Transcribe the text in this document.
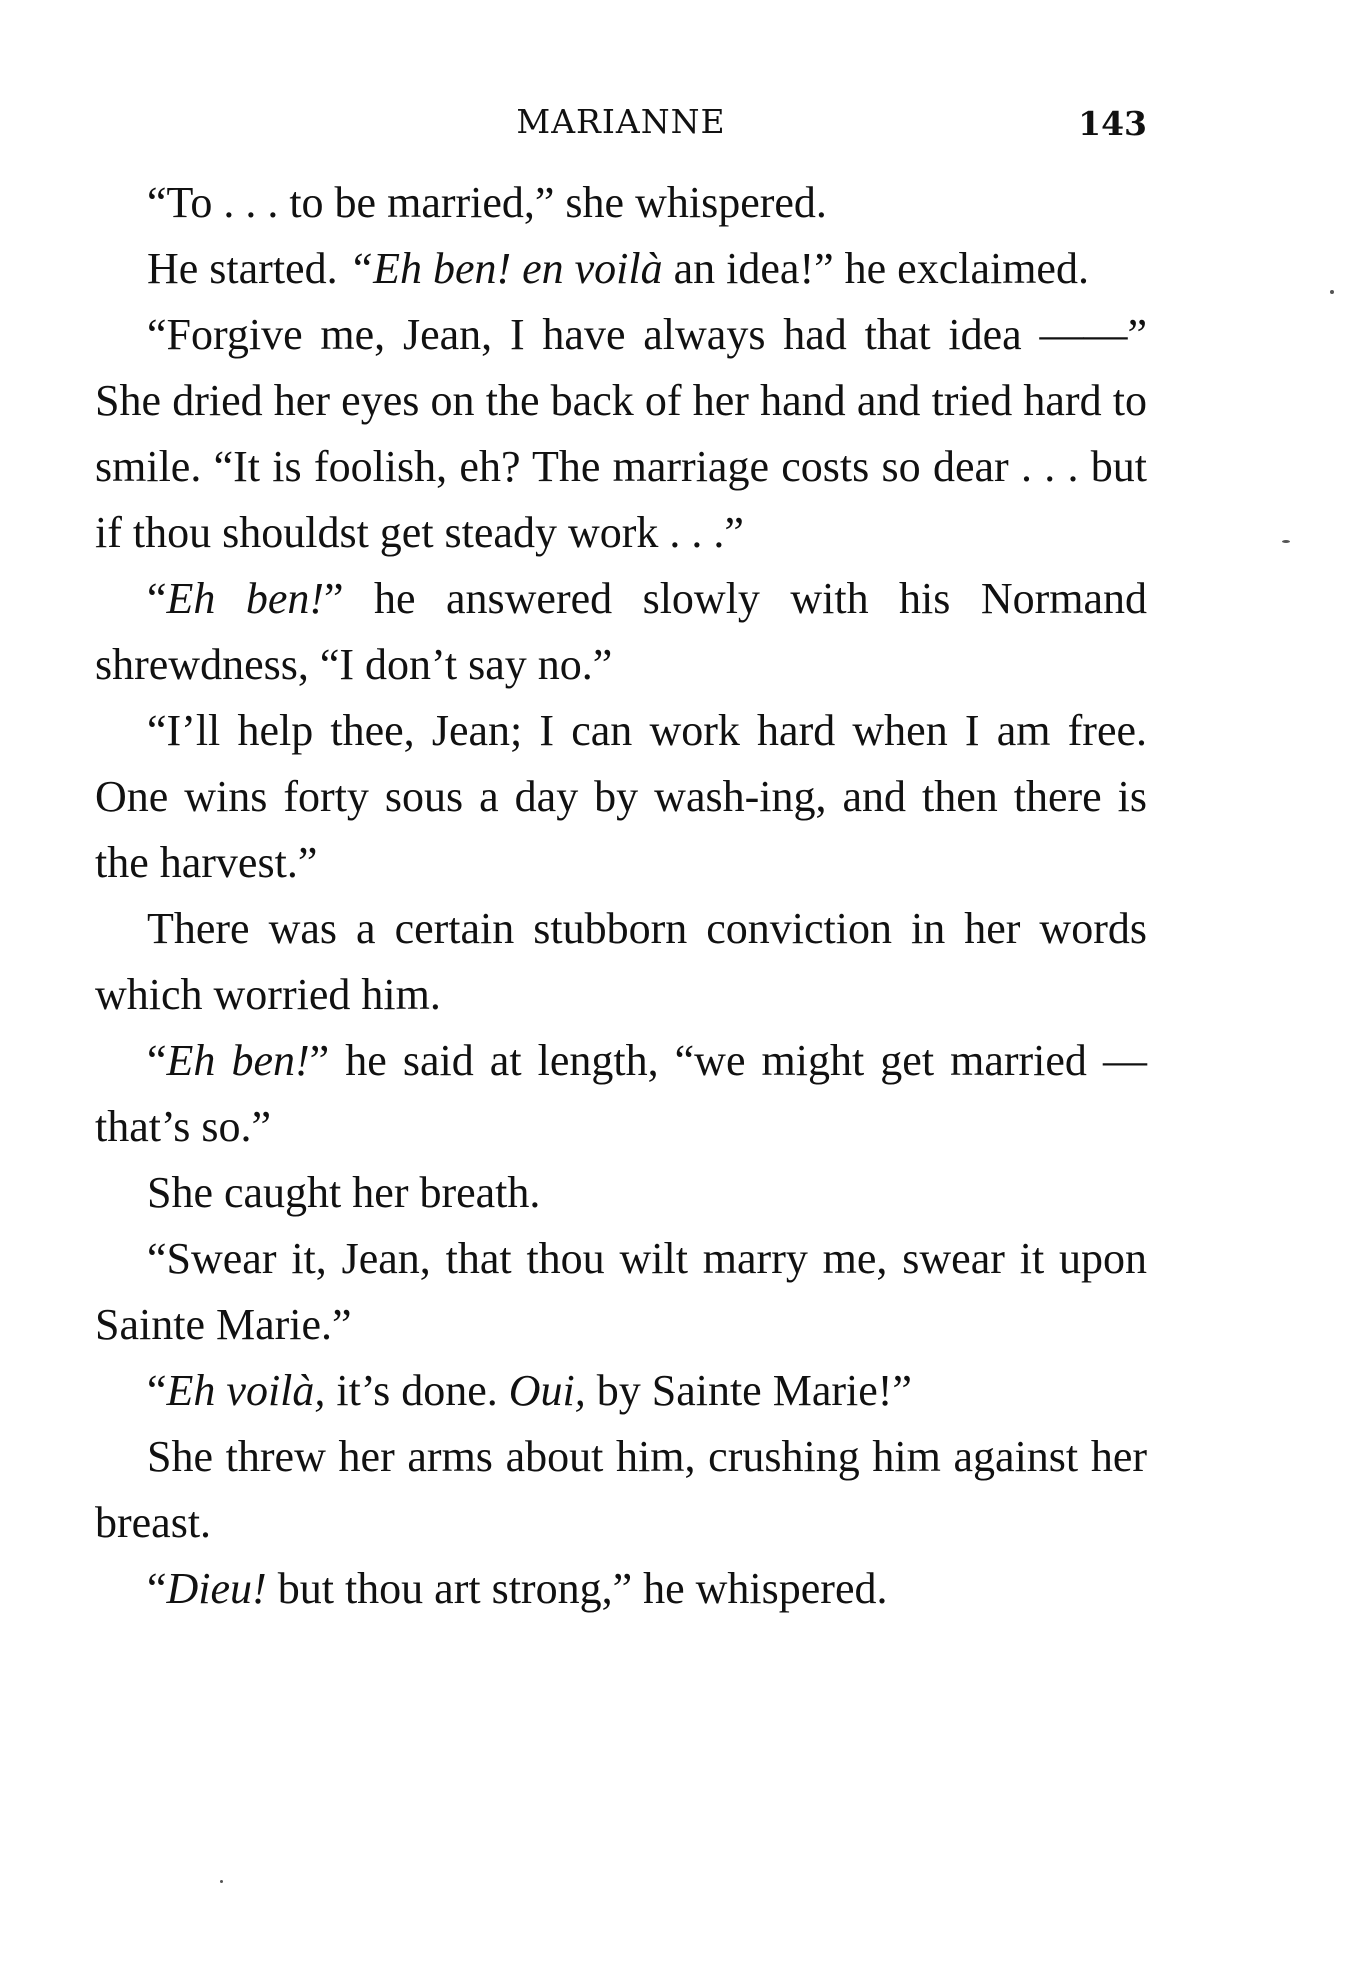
MARIANNE	143

“To . . . to be married,” she whispered.

He started. “Eh ben! en voilà an idea!” he exclaimed.

“Forgive me, Jean, I have always had that idea ——” She dried her eyes on the back of her hand and tried hard to smile. “It is foolish, eh? The marriage costs so dear . . . but if thou shouldst get steady work . . .”

“Eh ben!” he answered slowly with his Normand shrewdness, “I don’t say no.”

“I’ll help thee, Jean; I can work hard when I am free. One wins forty sous a day by wash-ing, and then there is the harvest.”

There was a certain stubborn conviction in her words which worried him.

“Eh ben!” he said at length, “we might get married — that’s so.”

She caught her breath.

“Swear it, Jean, that thou wilt marry me, swear it upon Sainte Marie.”

“Eh voilà, it’s done. Oui, by Sainte Marie!”

She threw her arms about him, crushing him against her breast.

“Dieu! but thou art strong,” he whispered.
